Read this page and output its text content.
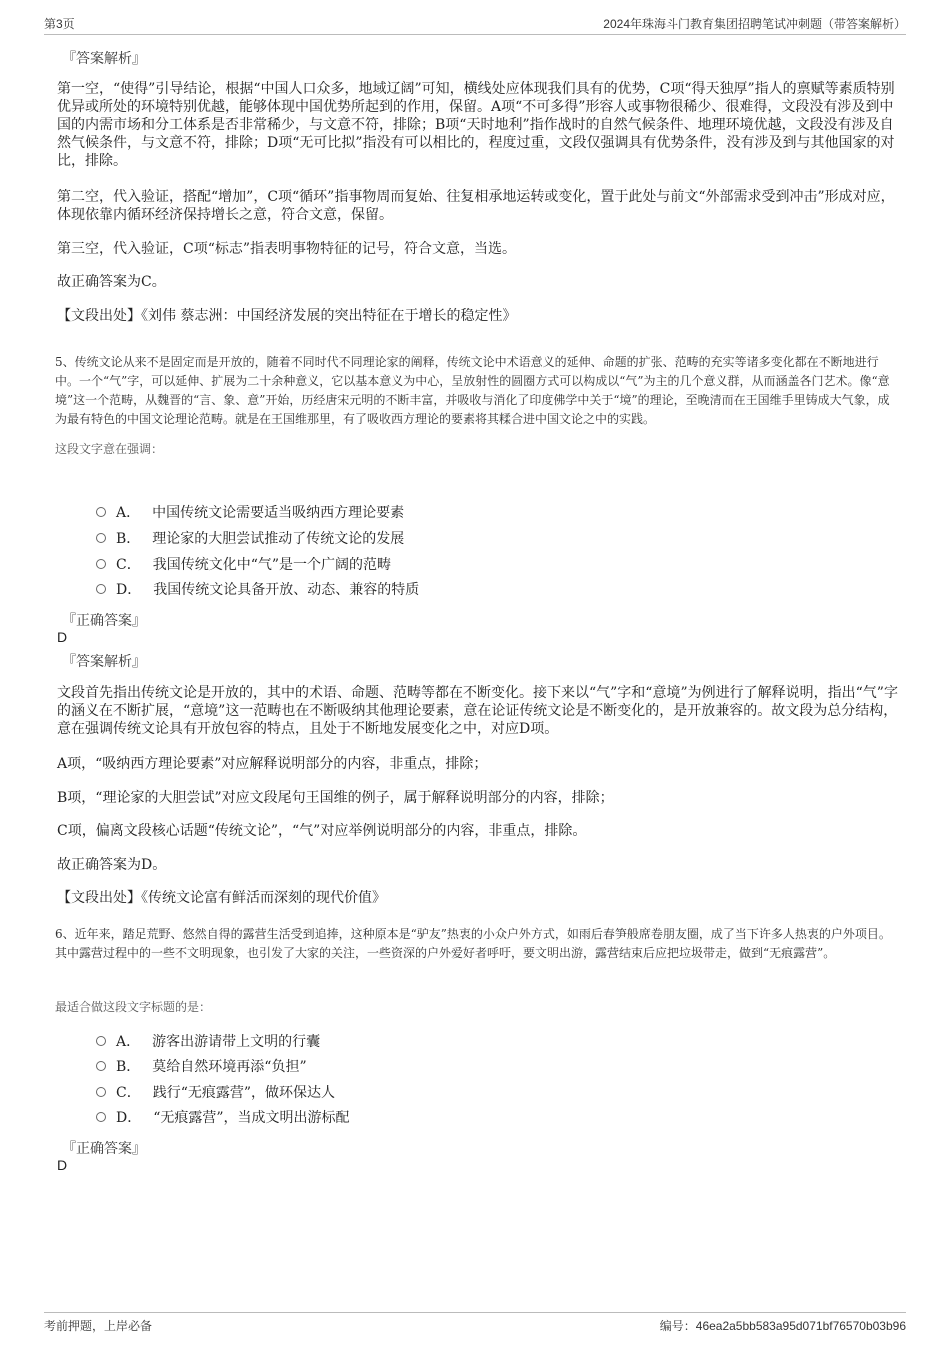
第3页	2024年珠海斗门教育集团招聘笔试冲刺题（带答案解析）
『答案解析』

第一空，“使得”引导结论，根据“中国人口众多，地域辽阔”可知，横线处应体现我们具有的优势，C项“得天独厚”指人的禀赋等素质特别优异或所处的环境特别优越，能够体现中国优势所起到的作用，保留。A项“不可多得”形容人或事物很稀少、很难得，文段没有涉及到中国的内需市场和分工体系是否非常稀少，与文意不符，排除；B项“天时地利”指作战时的自然气候条件、地理环境优越，文段没有涉及自然气候条件，与文意不符，排除；D项“无可比拟”指没有可以相比的，程度过重，文段仅强调具有优势条件，没有涉及到与其他国家的对比，排除。

第二空，代入验证，搭配“增加”，C项“循环”指事物周而复始、往复相承地运转或变化，置于此处与前文“外部需求受到冲击”形成对应，体现依靠内循环经济保持增长之意，符合文意，保留。

第三空，代入验证，C项“标志”指表明事物特征的记号，符合文意，当选。

故正确答案为C。

【文段出处】《刘伟 蔡志洲：中国经济发展的突出特征在于增长的稳定性》

5、传统文论从来不是固定而是开放的，随着不同时代不同理论家的阐释，传统文论中术语意义的延伸、命题的扩张、范畴的充实等诸多变化都在不断地进行中。一个“气”字，可以延伸、扩展为二十余种意义，它以基本意义为中心，呈放射性的圆圈方式可以构成以“气”为主的几个意义群，从而涵盖各门艺术。像“意境”这一个范畴，从魏晋的“言、象、意”开始，历经唐宋元明的不断丰富，并吸收与消化了印度佛学中关于“境”的理论，至晚清而在王国维手里铸成大气象，成为最有特色的中国文论理论范畴。就是在王国维那里，有了吸收西方理论的要素将其糅合进中国文论之中的实践。

这段文字意在强调：
A． 中国传统文论需要适当吸纳西方理论要素
B． 理论家的大胆尝试推动了传统文论的发展
C． 我国传统文化中“气”是一个广阔的范畴
D． 我国传统文论具备开放、动态、兼容的特质
『正确答案』
D
『答案解析』

文段首先指出传统文论是开放的，其中的术语、命题、范畴等都在不断变化。接下来以“气”字和“意境”为例进行了解释说明，指出“气”字的涵义在不断扩展，“意境”这一范畴也在不断吸纳其他理论要素，意在论证传统文论是不断变化的，是开放兼容的。故文段为总分结构，意在强调传统文论具有开放包容的特点，且处于不断地发展变化之中，对应D项。

A项，“吸纳西方理论要素”对应解释说明部分的内容，非重点，排除；

B项，“理论家的大胆尝试”对应文段尾句王国维的例子，属于解释说明部分的内容，排除；

C项，偏离文段核心话题“传统文论”，“气”对应举例说明部分的内容，非重点，排除。

故正确答案为D。

【文段出处】《传统文论富有鲜活而深刻的现代价值》

6、近年来，踏足荒野、悠然自得的露营生活受到追捧，这种原本是“驴友”热衷的小众户外方式，如雨后春笋般席卷朋友圈，成了当下许多人热衷的户外项目。其中露营过程中的一些不文明现象，也引发了大家的关注，一些资深的户外爱好者呼吁，要文明出游，露营结束后应把垃圾带走，做到“无痕露营”。

最适合做这段文字标题的是：
A． 游客出游请带上文明的行囊
B． 莫给自然环境再添“负担”
C． 践行“无痕露营”，做环保达人
D． “无痕露营”，当成文明出游标配
『正确答案』
D
考前押题，上岸必备	编号：46ea2a5bb583a95d071bf76570b03b96
